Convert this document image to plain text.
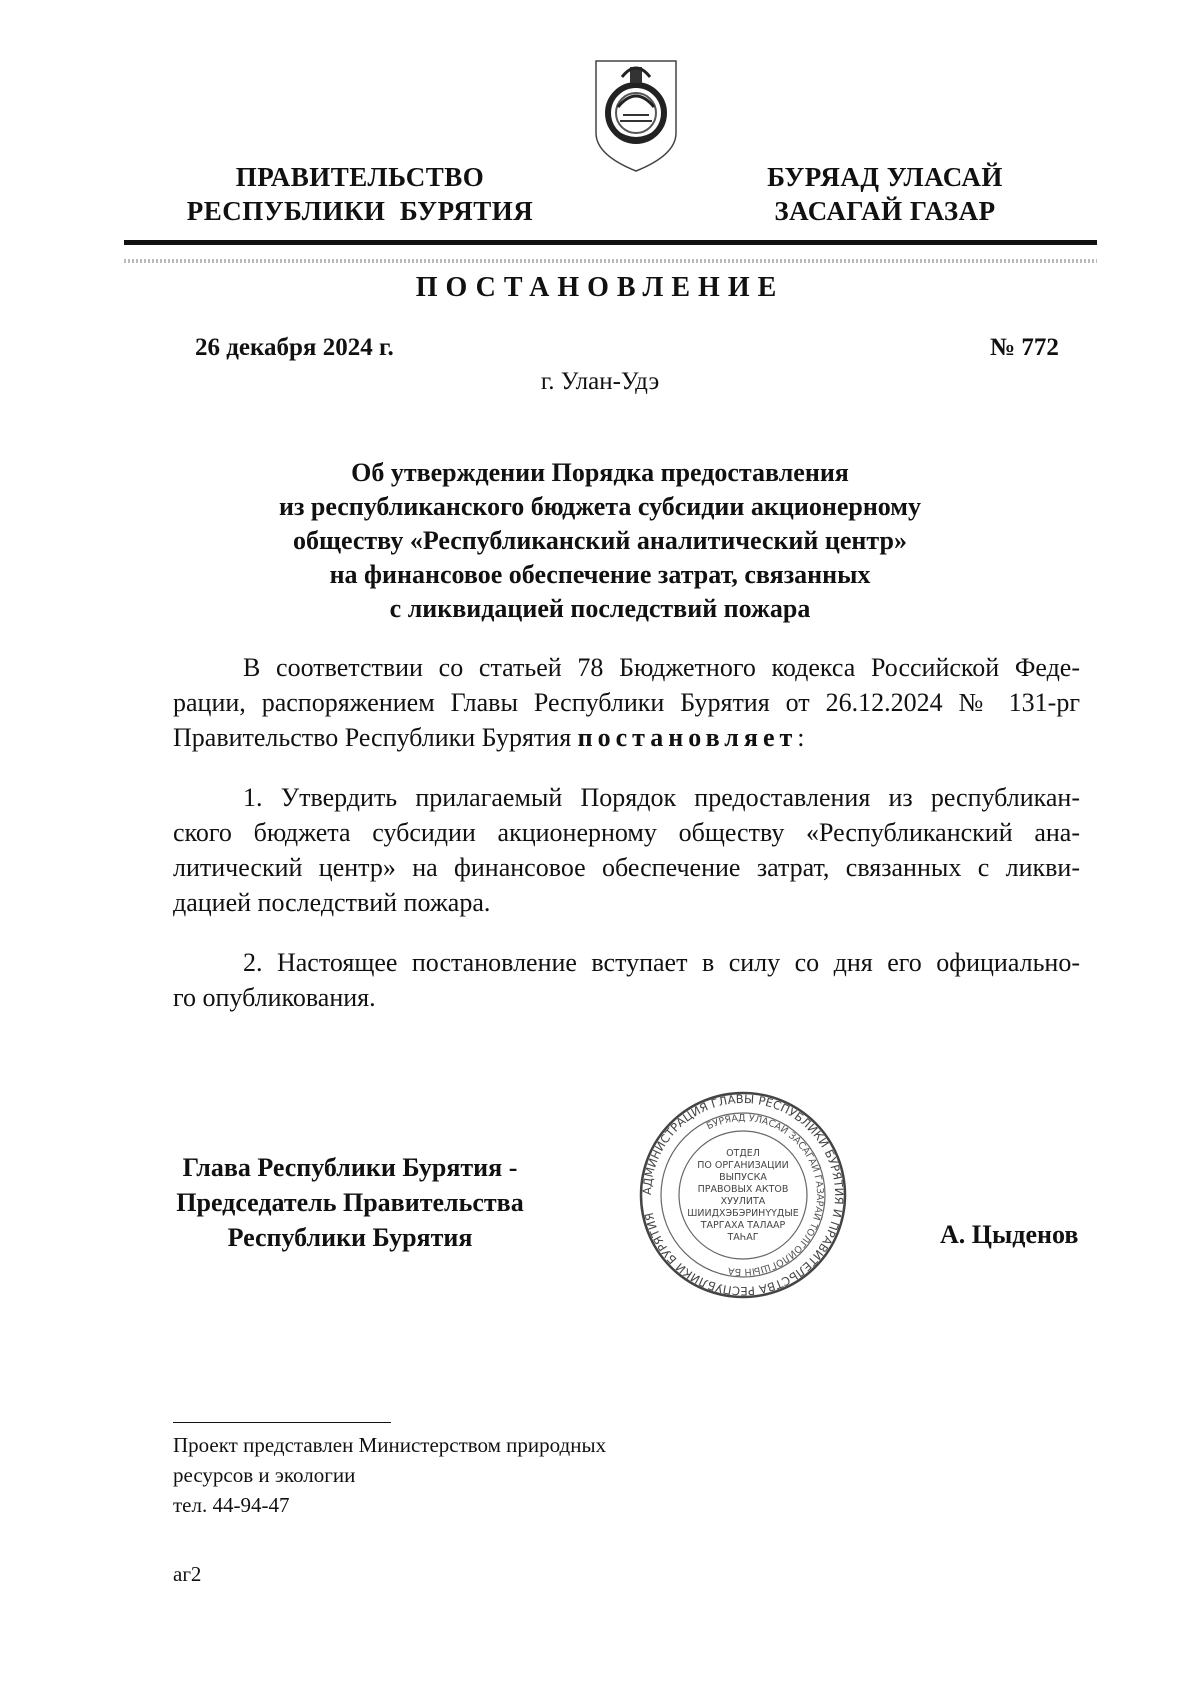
ПРАВИТЕЛЬСТВО
РЕСПУБЛИКИ  БУРЯТИЯ
БУРЯАД УЛАСАЙ
ЗАСАГАЙ ГАЗАР
ПОСТАНОВЛЕНИЕ
26 декабря 2024 г.	№ 772
г. Улан-Удэ
Об утверждении Порядка предоставления
из республиканского бюджета субсидии акционерному
обществу «Республиканский аналитический центр»
на финансовое обеспечение затрат, связанных
с ликвидацией последствий пожара
В соответствии со статьей 78 Бюджетного кодекса Российской Феде-
рации, распоряжением Главы Республики Бурятия от 26.12.2024 № 131-рг
Правительство Республики Бурятия постановляет:
1. Утвердить прилагаемый Порядок предоставления из республикан-
ского бюджета субсидии акционерному обществу «Республиканский ана-
литический центр» на финансовое обеспечение затрат, связанных с ликви-
дацией последствий пожара.
2. Настоящее постановление вступает в силу со дня его официально-
го опубликования.
Глава Республики Бурятия -
Председатель Правительства
Республики Бурятия
АДМИНИСТРАЦИЯ ГЛАВЫ РЕСПУБЛИКИ БУРЯТИЯ И ПРАВИТЕЛЬСТВА РЕСПУБЛИКИ БУРЯТИЯ
БУРЯАД УЛАСАЙ ЗАСАГАЙ ГАЗАРАЙ ТОЛГОЙЛОГШЫН БА
ОТДЕЛ
ПО ОРГАНИЗАЦИИ
ВЫПУСКА
ПРАВОВЫХ АКТОВ
ХУУЛИТА
ШИИДХЭБЭРИНҮҮДЫЕ
ТАРГАХА ТАЛААР
ТАҺАГ	А. Цыденов
Проект представлен Министерством природных
ресурсов и экологии
тел. 44-94-47
аг2
